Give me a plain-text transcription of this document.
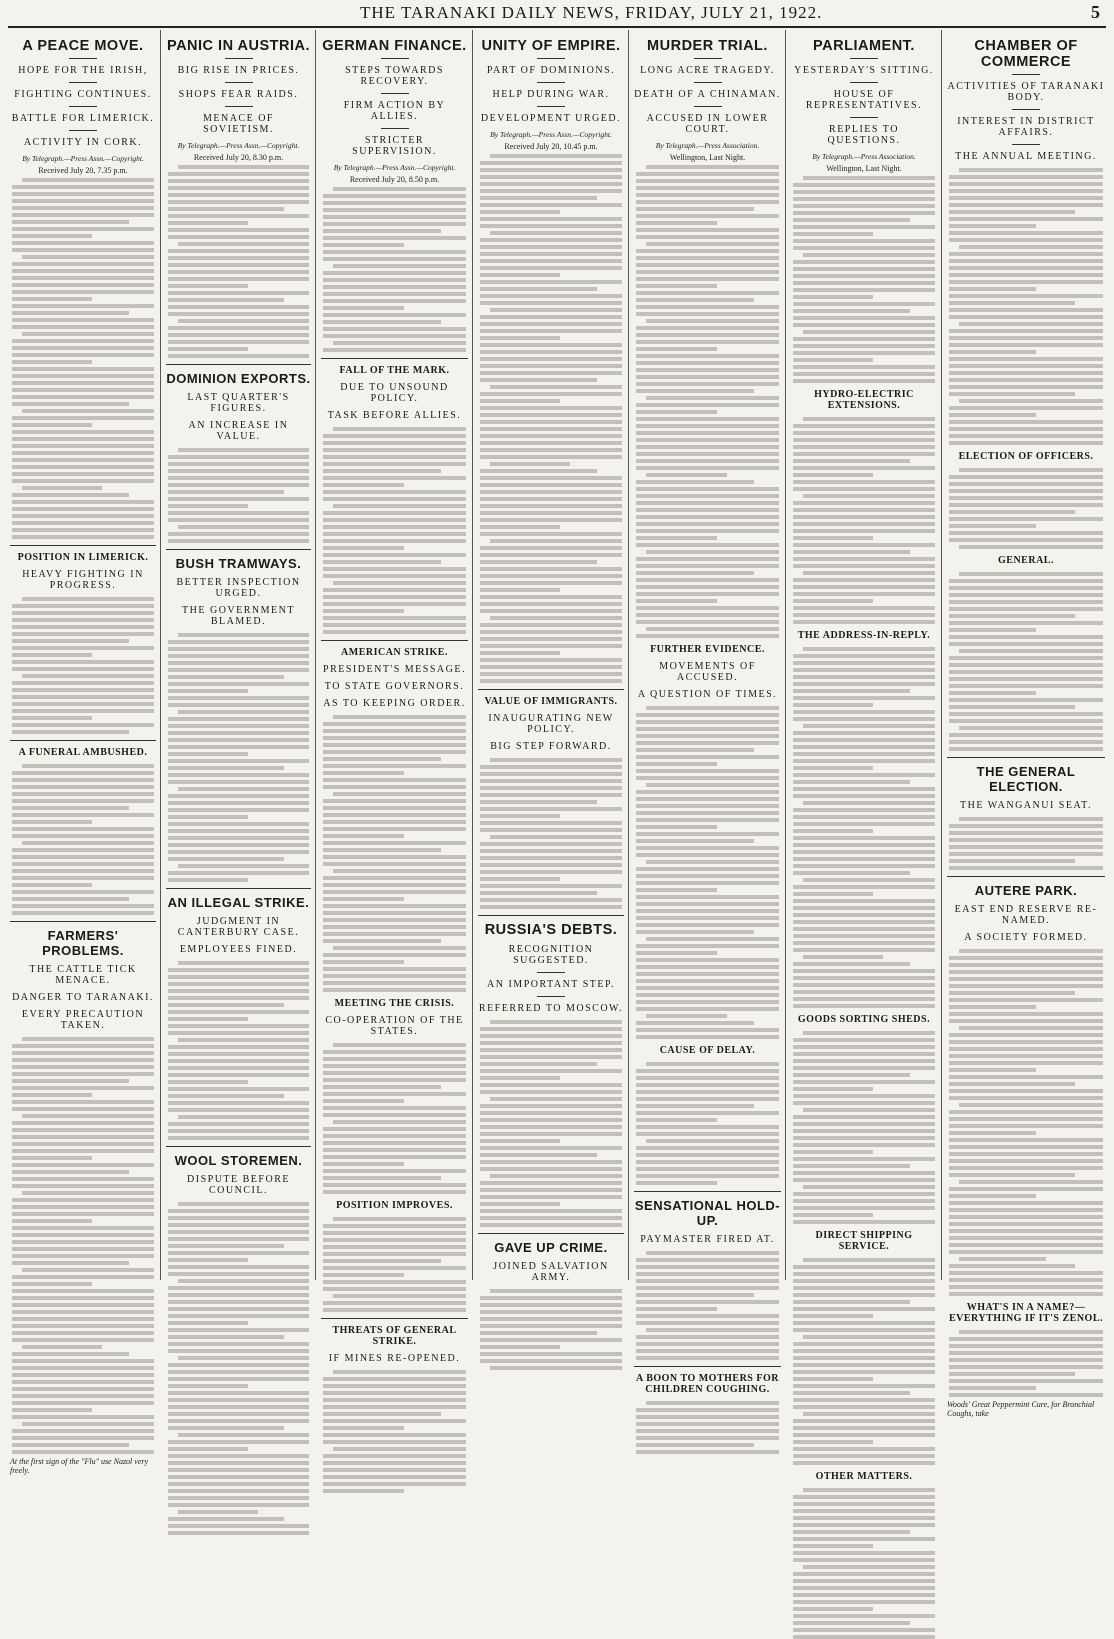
THE TARANAKI DAILY NEWS, FRIDAY, JULY 21, 1922.	5
A PEACE MOVE.
HOPE FOR THE IRISH,
FIGHTING CONTINUES.
BATTLE FOR LIMERICK.
ACTIVITY IN CORK.
By Telegraph.—Press Assn.—Copyright.
Received July 20, 7.35 p.m.
POSITION IN LIMERICK.
HEAVY FIGHTING IN PROGRESS.
A FUNERAL AMBUSHED.
FARMERS' PROBLEMS.
THE CATTLE TICK MENACE.
DANGER TO TARANAKI.
EVERY PRECAUTION TAKEN.
At the first sign of the "Flu" use Nazol very freely.
PANIC IN AUSTRIA.
BIG RISE IN PRICES.
SHOPS FEAR RAIDS.
MENACE OF SOVIETISM.
By Telegraph.—Press Assn.—Copyright.
Received July 20, 8.30 p.m.
DOMINION EXPORTS.
LAST QUARTER'S FIGURES.
AN INCREASE IN VALUE.
BUSH TRAMWAYS.
BETTER INSPECTION URGED.
THE GOVERNMENT BLAMED.
AN ILLEGAL STRIKE.
JUDGMENT IN CANTERBURY CASE.
EMPLOYEES FINED.
WOOL STOREMEN.
DISPUTE BEFORE COUNCIL.
GERMAN FINANCE.
STEPS TOWARDS RECOVERY.
FIRM ACTION BY ALLIES.
STRICTER SUPERVISION.
By Telegraph.—Press Assn.—Copyright.
Received July 20, 8.50 p.m.
FALL OF THE MARK.
DUE TO UNSOUND POLICY.
TASK BEFORE ALLIES.
AMERICAN STRIKE.
PRESIDENT'S MESSAGE.
TO STATE GOVERNORS.
AS TO KEEPING ORDER.
MEETING THE CRISIS.
CO-OPERATION OF THE STATES.
POSITION IMPROVES.
THREATS OF GENERAL STRIKE.
IF MINES RE-OPENED.
UNITY OF EMPIRE.
PART OF DOMINIONS.
HELP DURING WAR.
DEVELOPMENT URGED.
By Telegraph.—Press Assn.—Copyright.
Received July 20, 10.45 p.m.
VALUE OF IMMIGRANTS.
INAUGURATING NEW POLICY.
BIG STEP FORWARD.
RUSSIA'S DEBTS.
RECOGNITION SUGGESTED.
AN IMPORTANT STEP.
REFERRED TO MOSCOW.
GAVE UP CRIME.
JOINED SALVATION ARMY.
MURDER TRIAL.
LONG ACRE TRAGEDY.
DEATH OF A CHINAMAN.
ACCUSED IN LOWER COURT.
By Telegraph.—Press Association.
Wellington, Last Night.
FURTHER EVIDENCE.
MOVEMENTS OF ACCUSED.
A QUESTION OF TIMES.
CAUSE OF DELAY.
SENSATIONAL HOLD-UP.
PAYMASTER FIRED AT.
A BOON TO MOTHERS FOR CHILDREN COUGHING.
PARLIAMENT.
YESTERDAY'S SITTING.
HOUSE OF REPRESENTATIVES.
REPLIES TO QUESTIONS.
By Telegraph.—Press Association.
Wellington, Last Night.
HYDRO-ELECTRIC EXTENSIONS.
THE ADDRESS-IN-REPLY.
GOODS SORTING SHEDS.
DIRECT SHIPPING SERVICE.
OTHER MATTERS.
CHAMBER OF COMMERCE
ACTIVITIES OF TARANAKI BODY.
INTEREST IN DISTRICT AFFAIRS.
THE ANNUAL MEETING.
ELECTION OF OFFICERS.
GENERAL.
THE GENERAL ELECTION.
THE WANGANUI SEAT.
AUTERE PARK.
EAST END RESERVE RE-NAMED.
A SOCIETY FORMED.
WHAT'S IN A NAME?—EVERYTHING IF IT'S ZENOL.
Woods' Great Peppermint Cure, for Bronchial Coughs, take
